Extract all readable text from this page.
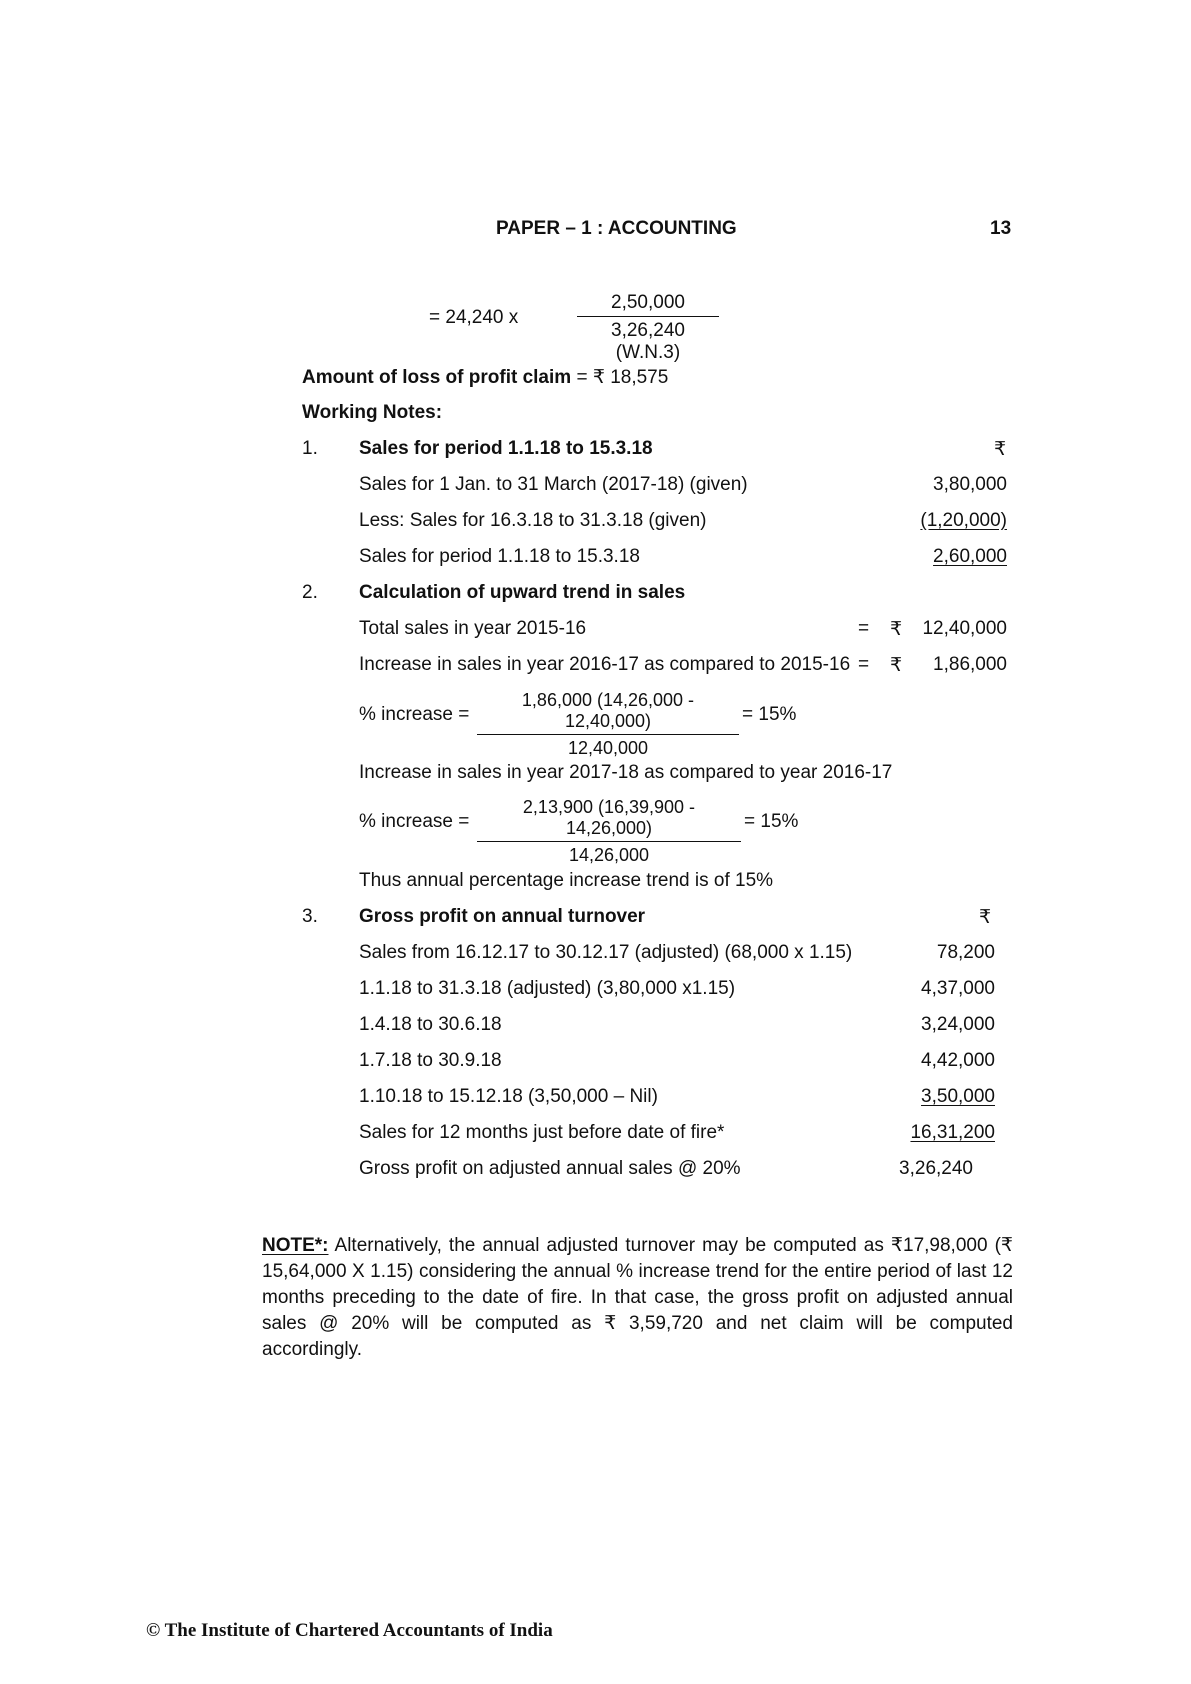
PAPER – 1 : ACCOUNTING	13
= 24,240 x	$\frac{2,50,000}{3,26,240 (W.N.3)}$
Amount of loss of profit claim = ₹ 18,575
Working Notes:
1. Sales for period 1.1.18 to 15.3.18	₹
Sales for 1 Jan. to 31 March (2017-18) (given)	3,80,000
Less: Sales for 16.3.18 to 31.3.18 (given)	(1,20,000)
Sales for period 1.1.18 to 15.3.18	2,60,000
2. Calculation of upward trend in sales
Total sales in year 2015-16	= ₹ 12,40,000
Increase in sales in year 2016-17 as compared to 2015-16 = ₹ 1,86,000
% increase = $\frac{1,86,000 (14,26,000 - 12,40,000)}{12,40,000} = 15\%$
Increase in sales in year 2017-18 as compared to year 2016-17
% increase = $\frac{2,13,900 (16,39,900 - 14,26,000)}{14,26,000} = 15\%$
Thus annual percentage increase trend is of 15%
3. Gross profit on annual turnover	₹
Sales from 16.12.17 to 30.12.17 (adjusted) (68,000 x 1.15)	78,200
1.1.18 to 31.3.18 (adjusted) (3,80,000 x1.15)	4,37,000
1.4.18 to 30.6.18	3,24,000
1.7.18 to 30.9.18	4,42,000
1.10.18 to 15.12.18 (3,50,000 – Nil)	3,50,000
Sales for 12 months just before date of fire*	16,31,200
Gross profit on adjusted annual sales @ 20%	3,26,240
NOTE*: Alternatively, the annual adjusted turnover may be computed as ₹17,98,000 (₹ 15,64,000 X 1.15) considering the annual % increase trend for the entire period of last 12 months preceding to the date of fire. In that case, the gross profit on adjusted annual sales @ 20% will be computed as ₹ 3,59,720 and net claim will be computed accordingly.
© The Institute of Chartered Accountants of India
